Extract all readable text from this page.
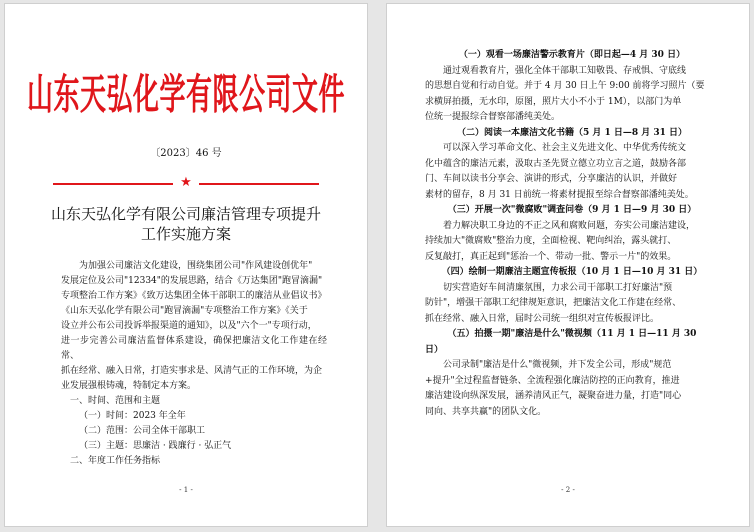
山东天弘化学有限公司文件
〔2023〕46 号
★
山东天弘化学有限公司廉洁管理专项提升
工作实施方案

为加强公司廉洁文化建设，围绕集团公司"作风建设创优年"

发展定位及公司"12334"的发展思路，结合《万达集团"跑冒滴漏"

专项整治工作方案》《致万达集团全体干部职工的廉洁从业倡议书》

《山东天弘化学有限公司"跑冒滴漏"专项整治工作方案》《关于

设立并公布公司投诉举报渠道的通知》，以及"六个一"专项行动，

进一步完善公司廉洁监督体系建设，确保把廉洁文化工作建在经常、

抓在经常、融入日常，打造实事求是、风清气正的工作环境，为企

业发展强根铸魂，特制定本方案。

一、时间、范围和主题

（一）时间：2023 年全年

（二）范围：公司全体干部职工

（三）主题：思廉洁 · 践廉行 · 弘正气

二、年度工作任务指标

- 1 -

（一）观看一场廉洁警示教育片（即日起—4 月 30 日）

通过观看教育片，强化全体干部职工知敬畏、存戒惧、守底线

的思想自觉和行动自觉。并于 4 月 30 日上午 9:00 前将学习照片（要

求横屏拍摄，无水印，原图，照片大小不小于 1M），以部门为单

位统一提报综合督察部潘纯美处。

（二）阅读一本廉洁文化书籍（5 月 1 日—8 月 31 日）

可以深入学习革命文化、社会主义先进文化、中华优秀传统文

化中蕴含的廉洁元素，汲取古圣先贤立德立功立言之道，鼓励各部

门、车间以读书分享会、演讲的形式，分享廉洁的认识，并做好

素材的留存，8 月 31 日前统一将素材提报至综合督察部潘纯美处。

（三）开展一次"微腐败"调查问卷（9 月 1 日—9 月 30 日）

着力解决职工身边的不正之风和腐败问题，夯实公司廉洁建设，

持续加大"微腐败"整治力度，全面检视、靶向纠治，露头就打、

反复敲打，真正起到"惩治一个、带动一批、警示一片"的效果。

（四）绘制一期廉洁主题宣传板报（10 月 1 日—10 月 31 日）

切实营造好车间清廉氛围，力求公司干部职工打好廉洁"预

防针"，增强干部职工纪律规矩意识，把廉洁文化工作建在经常、

抓在经常、融入日常，届时公司统一组织对宣传板报评比。

（五）拍摄一期"廉洁是什么"微视频（11 月 1 日—11 月 30

日）

公司录制"廉洁是什么"微视频，并下发全公司，形成"规范

+提升"全过程监督链条、全流程强化廉洁防控的正向教育，推进

廉洁建设向纵深发展，涵养清风正气，凝聚奋进力量，打造"同心

同向、共享共赢"的团队文化。

- 2 -
